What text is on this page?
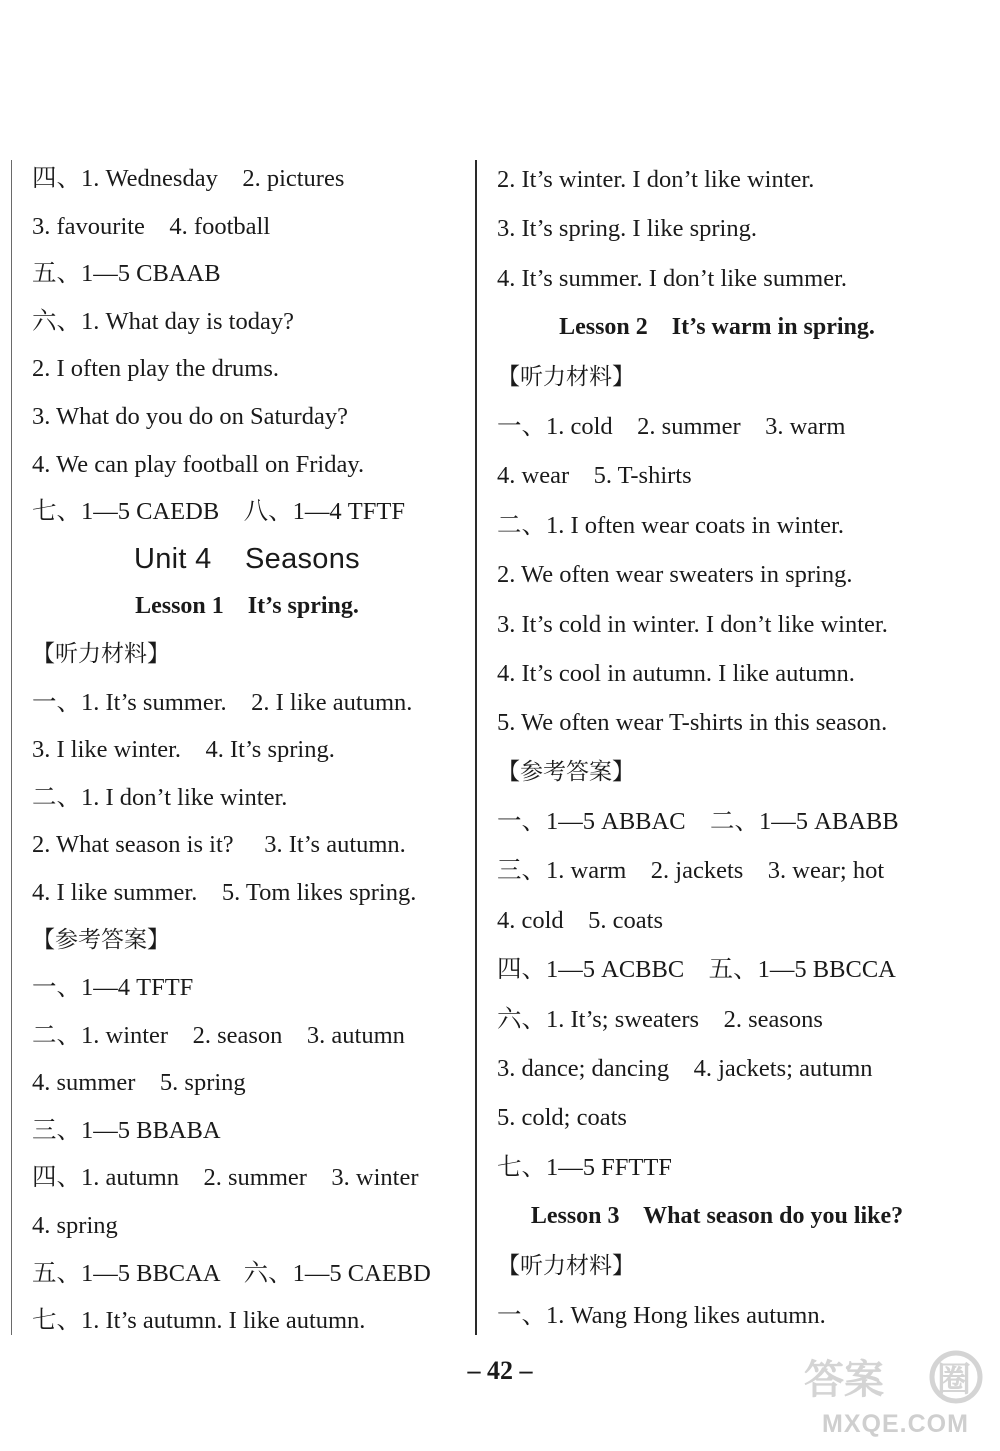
四、1. Wednesday    2. pictures
3. favourite    4. football
五、1—5 CBAAB
六、1. What day is today?
2. I often play the drums.
3. What do you do on Saturday?
4. We can play football on Friday.
七、1—5 CAEDB    八、1—4 TFTF
Unit 4    Seasons
Lesson 1    It’s spring.
【听力材料】
一、1. It’s summer.    2. I like autumn.
3. I like winter.    4. It’s spring.
二、1. I don’t like winter.
2. What season is it?     3. It’s autumn.
4. I like summer.    5. Tom likes spring.
【参考答案】
一、1—4 TFTF
二、1. winter    2. season    3. autumn
4. summer    5. spring
三、1—5 BBABA
四、1. autumn    2. summer    3. winter
4. spring
五、1—5 BBCAA    六、1—5 CAEBD
七、1. It’s autumn. I like autumn.
2. It’s winter. I don’t like winter.
3. It’s spring. I like spring.
4. It’s summer. I don’t like summer.
Lesson 2    It’s warm in spring.
【听力材料】
一、1. cold    2. summer    3. warm
4. wear    5. T-shirts
二、1. I often wear coats in winter.
2. We often wear sweaters in spring.
3. It’s cold in winter. I don’t like winter.
4. It’s cool in autumn. I like autumn.
5. We often wear T-shirts in this season.
【参考答案】
一、1—5 ABBAC    二、1—5 ABABB
三、1. warm    2. jackets    3. wear; hot
4. cold    5. coats
四、1—5 ACBBC    五、1—5 BBCCA
六、1. It’s; sweaters    2. seasons
3. dance; dancing    4. jackets; autumn
5. cold; coats
七、1—5 FFTTF
Lesson 3    What season do you like?
【听力材料】
一、1. Wang Hong likes autumn.
– 42 –	答案 圈
MXQE.COM
